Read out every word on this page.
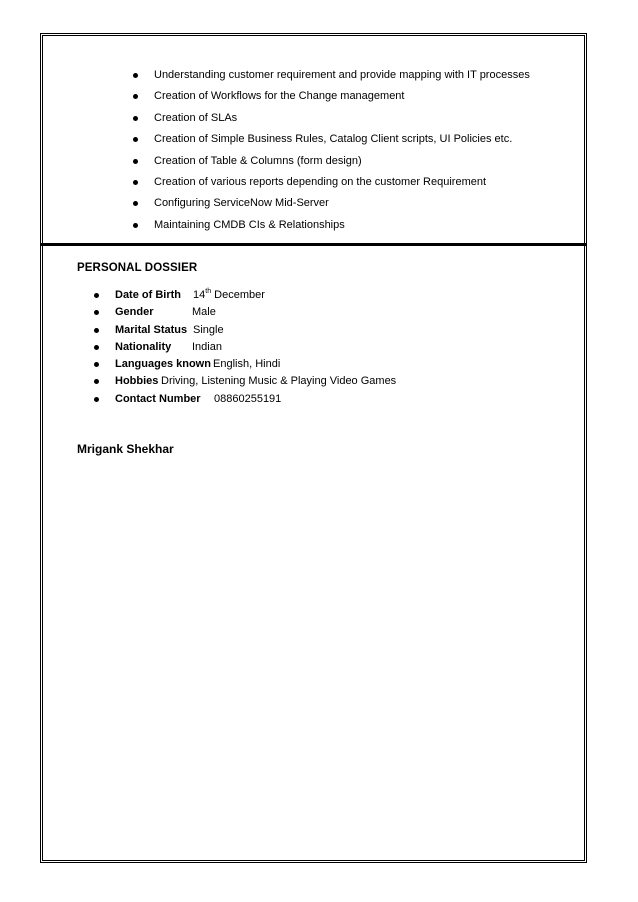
Understanding customer requirement and provide mapping with IT processes
Creation of Workflows for the Change management
Creation of SLAs
Creation of Simple Business Rules, Catalog Client scripts, UI Policies etc.
Creation of Table & Columns (form design)
Creation of various reports depending on the customer Requirement
Configuring ServiceNow Mid-Server
Maintaining CMDB CIs & Relationships
PERSONAL DOSSIER
Date of Birth 14th December
Gender	Male
Marital Status Single
Nationality Indian
Languages known English, Hindi
Hobbies Driving, Listening Music & Playing Video Games
Contact Number 08860255191
Mrigank Shekhar
